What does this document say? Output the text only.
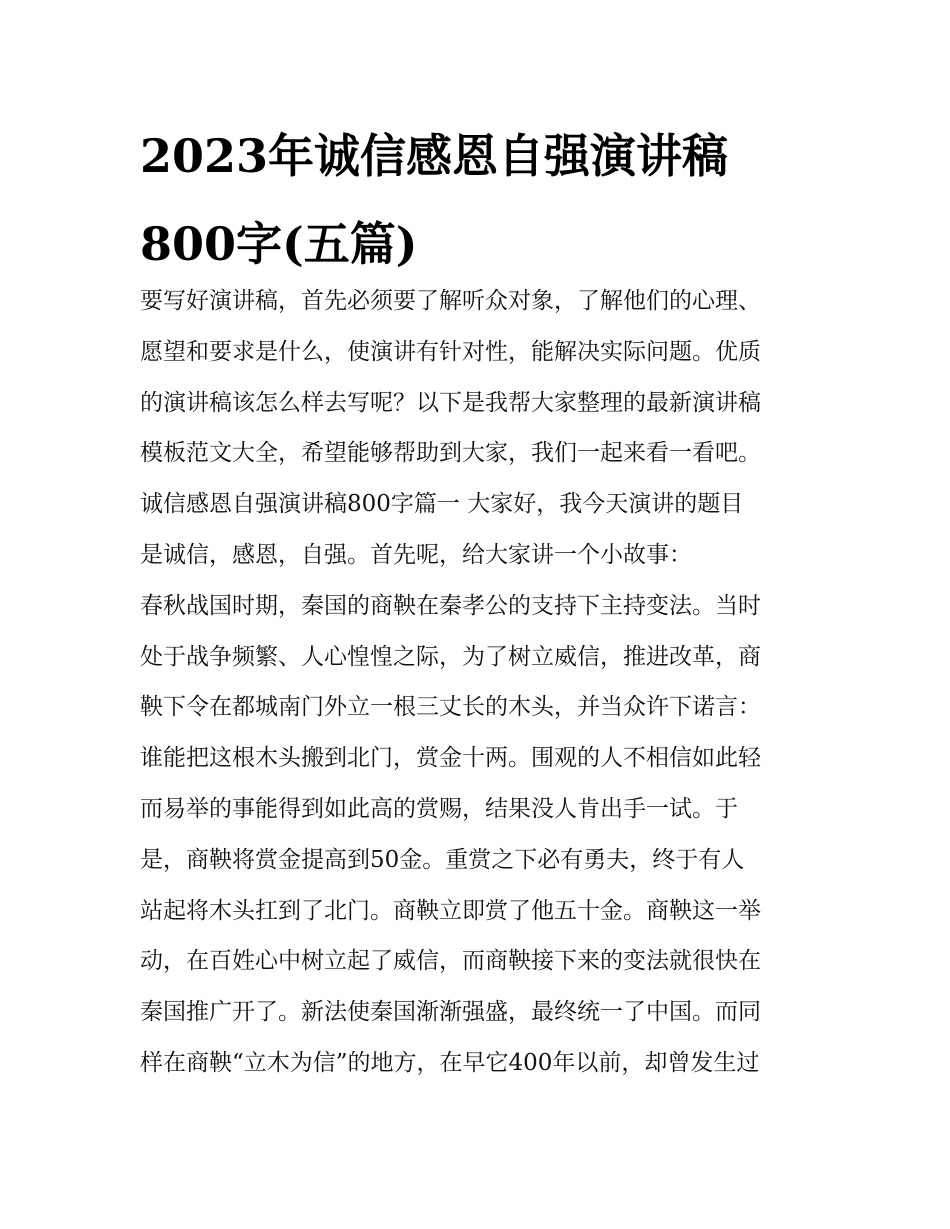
2023年诚信感恩自强演讲稿
800字(五篇)
要写好演讲稿，首先必须要了解听众对象，了解他们的心理、
愿望和要求是什么，使演讲有针对性，能解决实际问题。优质
的演讲稿该怎么样去写呢？以下是我帮大家整理的最新演讲稿
模板范文大全，希望能够帮助到大家，我们一起来看一看吧。
诚信感恩自强演讲稿800字篇一 大家好，我今天演讲的题目
是诚信，感恩，自强。首先呢，给大家讲一个小故事：
春秋战国时期，秦国的商鞅在秦孝公的支持下主持变法。当时
处于战争频繁、人心惶惶之际，为了树立威信，推进改革，商
鞅下令在都城南门外立一根三丈长的木头，并当众许下诺言：
谁能把这根木头搬到北门，赏金十两。围观的人不相信如此轻
而易举的事能得到如此高的赏赐，结果没人肯出手一试。于
是，商鞅将赏金提高到50金。重赏之下必有勇夫，终于有人
站起将木头扛到了北门。商鞅立即赏了他五十金。商鞅这一举
动，在百姓心中树立起了威信，而商鞅接下来的变法就很快在
秦国推广开了。新法使秦国渐渐强盛，最终统一了中国。而同
样在商鞅“立木为信”的地方，在早它400年以前，却曾发生过
